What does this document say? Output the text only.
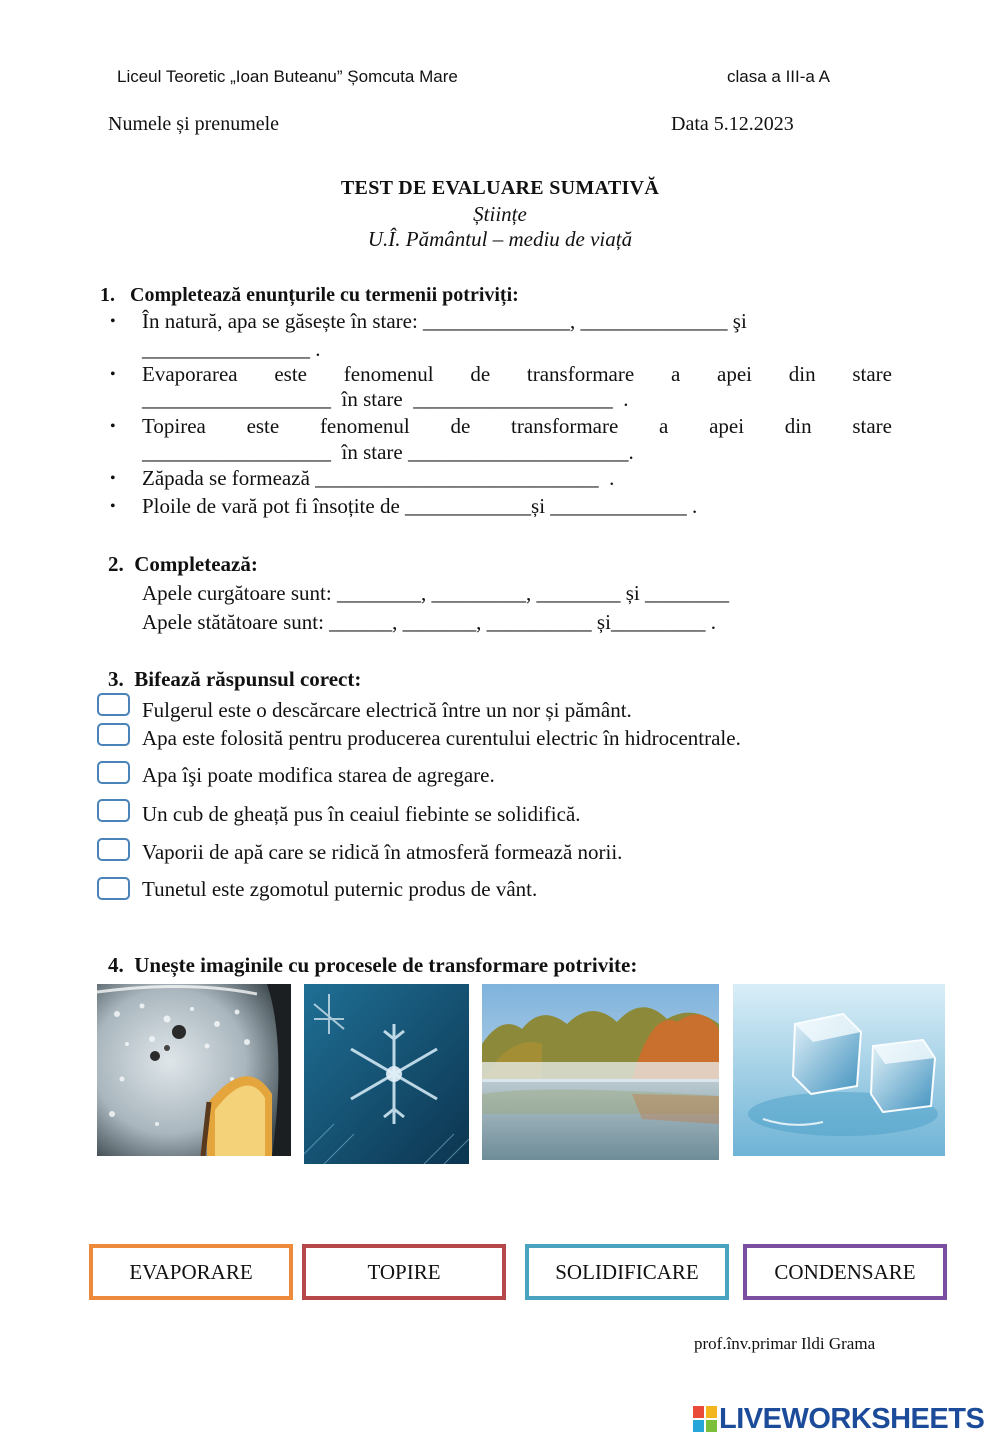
Liceul Teoretic „Ioan Buteanu” Șomcuta Mare	clasa a III-a A
Numele și prenumele	Data 5.12.2023
TEST DE EVALUARE SUMATIVĂ
Științe
U.Î. Pământul – mediu de viață
1.   Completează enunțurile cu termenii potriviți:
• În natură, apa se găsește în stare: ______________, ______________ şi
________________ .
• Evaporarea este fenomenul de transformare a apei din stare
__________________  în stare  ___________________  .
• Topirea este fenomenul de transformare a apei din stare
__________________  în stare _____________________.
• Zăpada se formează ___________________________  .
• Ploile de vară pot fi însoțite de ____________și _____________ .
2.  Completează:
Apele curgătoare sunt: ________, _________, ________ și ________
Apele stătătoare sunt: ______, _______, __________ și_________ .
3.  Bifează răspunsul corect:
Fulgerul este o descărcare electrică între un nor și pământ.
Apa este folosită pentru producerea curentului electric în hidrocentrale.
Apa îşi poate modifica starea de agregare.
Un cub de gheață pus în ceaiul fiebinte se solidifică.
Vaporii de apă care se ridică în atmosferă formează norii.
Tunetul este zgomotul puternic produs de vânt.
4.  Unește imaginile cu procesele de transformare potrivite:
EVAPORARE	TOPIRE	SOLIDIFICARE	CONDENSARE
prof.înv.primar Ildi Grama
LIVEWORKSHEETS
